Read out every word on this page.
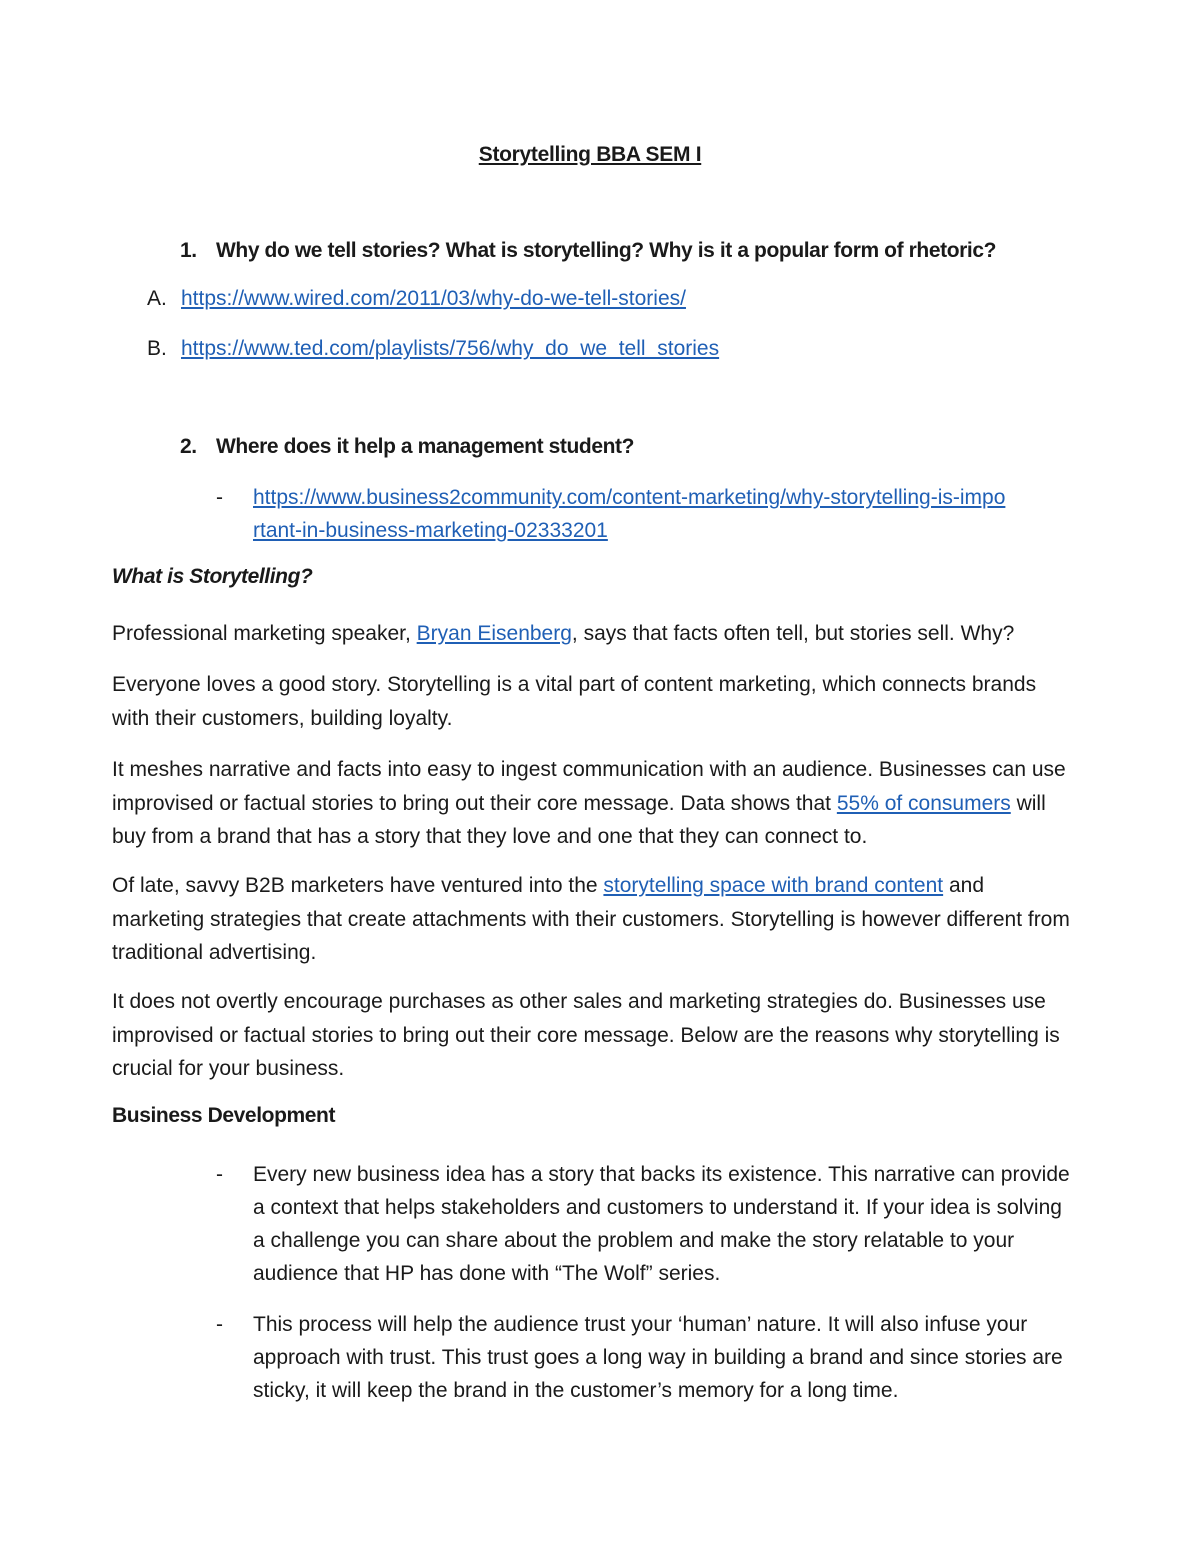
Storytelling BBA SEM I
1. Why do we tell stories? What is storytelling? Why is it a popular form of rhetoric?
A. https://www.wired.com/2011/03/why-do-we-tell-stories/
B. https://www.ted.com/playlists/756/why_do_we_tell_stories
2. Where does it help a management student?
- https://www.business2community.com/content-marketing/why-storytelling-is-important-in-business-marketing-02333201
What is Storytelling?
Professional marketing speaker, Bryan Eisenberg, says that facts often tell, but stories sell. Why?
Everyone loves a good story. Storytelling is a vital part of content marketing, which connects brands with their customers, building loyalty.
It meshes narrative and facts into easy to ingest communication with an audience. Businesses can use improvised or factual stories to bring out their core message. Data shows that 55% of consumers will buy from a brand that has a story that they love and one that they can connect to.
Of late, savvy B2B marketers have ventured into the storytelling space with brand content and marketing strategies that create attachments with their customers. Storytelling is however different from traditional advertising.
It does not overtly encourage purchases as other sales and marketing strategies do. Businesses use improvised or factual stories to bring out their core message. Below are the reasons why storytelling is crucial for your business.
Business Development
- Every new business idea has a story that backs its existence. This narrative can provide a context that helps stakeholders and customers to understand it. If your idea is solving a challenge you can share about the problem and make the story relatable to your audience that HP has done with “The Wolf” series.
- This process will help the audience trust your ‘human’ nature. It will also infuse your approach with trust. This trust goes a long way in building a brand and since stories are sticky, it will keep the brand in the customer’s memory for a long time.
